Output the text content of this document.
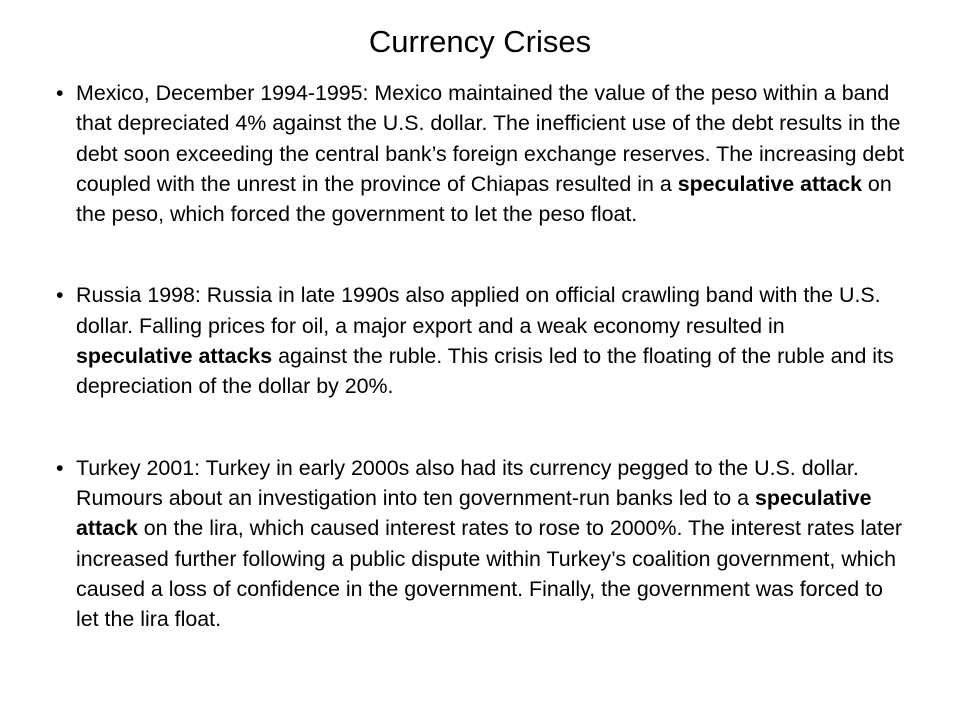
Currency Crises
• Mexico, December 1994-1995: Mexico maintained the value of the peso within a band that depreciated 4% against the U.S. dollar. The inefficient use of the debt results in the debt soon exceeding the central bank’s foreign exchange reserves. The increasing debt coupled with the unrest in the province of Chiapas resulted in a speculative attack on the peso, which forced the government to let the peso float.
• Russia 1998: Russia in late 1990s also applied on official crawling band with the U.S. dollar. Falling prices for oil, a major export and a weak economy resulted in speculative attacks against the ruble. This crisis led to the floating of the ruble and its depreciation of the dollar by 20%.
• Turkey 2001: Turkey in early 2000s also had its currency pegged to the U.S. dollar. Rumours about an investigation into ten government-run banks led to a speculative attack on the lira, which caused interest rates to rose to 2000%. The interest rates later increased further following a public dispute within Turkey’s coalition government, which caused a loss of confidence in the government. Finally, the government was forced to let the lira float.
